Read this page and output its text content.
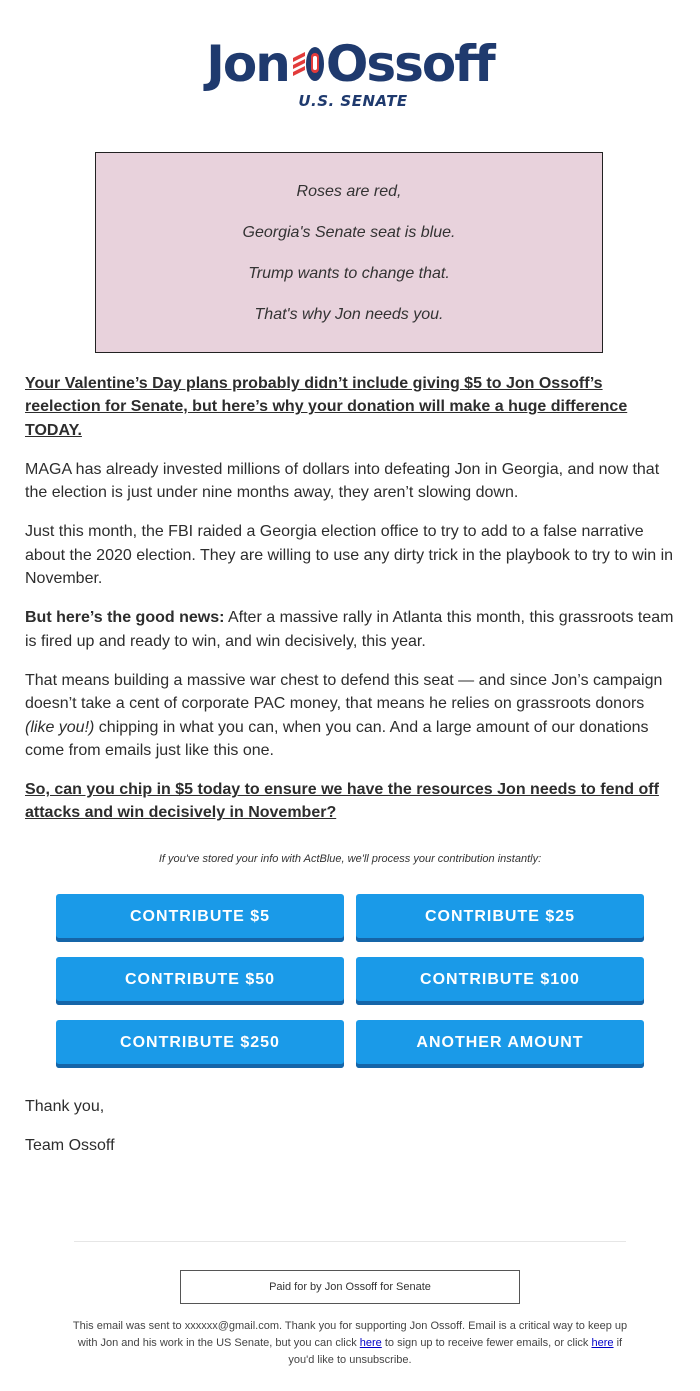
Jon Ossoff
U.S. SENATE

Roses are red,

Georgia's Senate seat is blue.

Trump wants to change that.

That's why Jon needs you.

Your Valentine’s Day plans probably didn’t include giving $5 to Jon Ossoff’s reelection for Senate, but here’s why your donation will make a huge difference TODAY.

MAGA has already invested millions of dollars into defeating Jon in Georgia, and now that the election is just under nine months away, they aren’t slowing down.

Just this month, the FBI raided a Georgia election office to try to add to a false narrative about the 2020 election. They are willing to use any dirty trick in the playbook to try to win in November.

But here’s the good news: After a massive rally in Atlanta this month, this grassroots team is fired up and ready to win, and win decisively, this year.

That means building a massive war chest to defend this seat — and since Jon’s campaign doesn’t take a cent of corporate PAC money, that means he relies on grassroots donors (like you!) chipping in what you can, when you can. And a large amount of our donations come from emails just like this one.

So, can you chip in $5 today to ensure we have the resources Jon needs to fend off attacks and win decisively in November?

If you've stored your info with ActBlue, we'll process your contribution instantly:
CONTRIBUTE $5	CONTRIBUTE $25
CONTRIBUTE $50	CONTRIBUTE $100
CONTRIBUTE $250	ANOTHER AMOUNT

Thank you,

Team Ossoff

Paid for by Jon Ossoff for Senate
This email was sent to xxxxxx@gmail.com. Thank you for supporting Jon Ossoff. Email is a critical way to keep up with Jon and his work in the US Senate, but you can click here to sign up to receive fewer emails, or click here if you'd like to unsubscribe.
